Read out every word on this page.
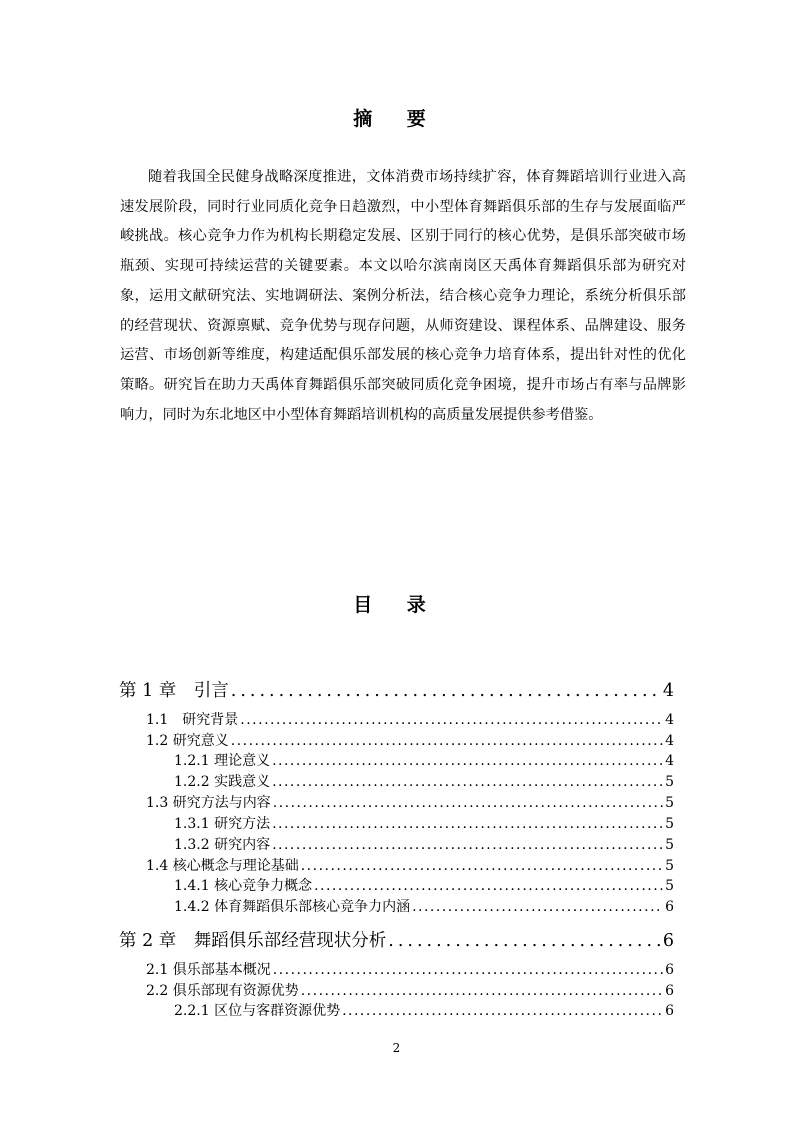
摘 要
随着我国全民健身战略深度推进，文体消费市场持续扩容，体育舞蹈培训行业进入高速发展阶段，同时行业同质化竞争日趋激烈，中小型体育舞蹈俱乐部的生存与发展面临严峻挑战。核心竞争力作为机构长期稳定发展、区别于同行的核心优势，是俱乐部突破市场瓶颈、实现可持续运营的关键要素。本文以哈尔滨南岗区天禹体育舞蹈俱乐部为研究对象，运用文献研究法、实地调研法、案例分析法，结合核心竞争力理论，系统分析俱乐部的经营现状、资源禀赋、竞争优势与现存问题，从师资建设、课程体系、品牌建设、服务运营、市场创新等维度，构建适配俱乐部发展的核心竞争力培育体系，提出针对性的优化策略。研究旨在助力天禹体育舞蹈俱乐部突破同质化竞争困境，提升市场占有率与品牌影响力，同时为东北地区中小型体育舞蹈培训机构的高质量发展提供参考借鉴。
目 录
2
第 1 章　引言 .....	4
1.1　研究背景 .....	4
1.2 研究意义 .....	4
1.2.1 理论意义 .....	4
1.2.2 实践意义 .....	5
1.3 研究方法与内容 .....	5
1.3.1 研究方法 .....	5
1.3.2 研究内容 .....	5
1.4 核心概念与理论基础 .....	5
1.4.1 核心竞争力概念 .....	5
1.4.2 体育舞蹈俱乐部核心竞争力内涵 .....	6
第 2 章　舞蹈俱乐部经营现状分析 .....	6
2.1 俱乐部基本概况 .....	6
2.2 俱乐部现有资源优势 .....	6
2.2.1 区位与客群资源优势 .....	6
